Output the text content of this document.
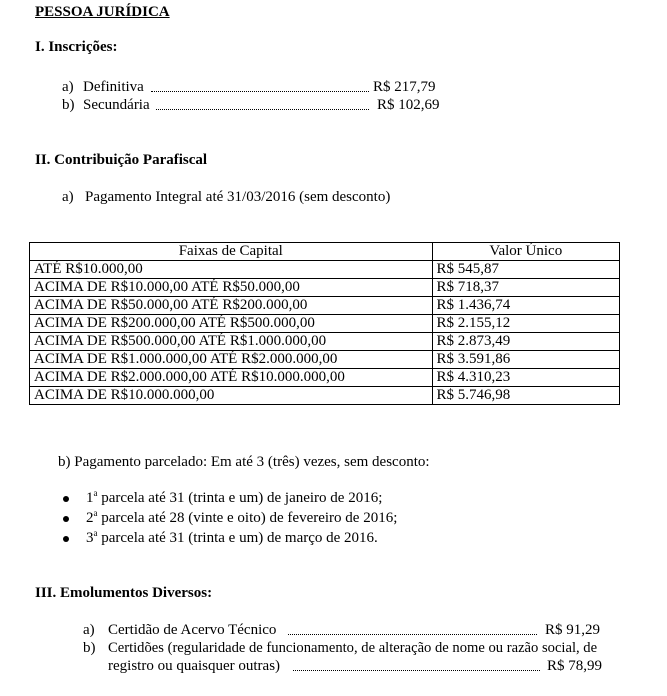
PESSOA JURÍDICA
I. Inscrições:
a) Definitiva	R$ 217,79
b) Secundária	R$ 102,69
II. Contribuição Parafiscal
a) Pagamento Integral até 31/03/2016 (sem desconto)
Faixas de Capital	Valor Único
ATÉ R$10.000,00	R$ 545,87
ACIMA DE R$10.000,00 ATÉ R$50.000,00	R$ 718,37
ACIMA DE R$50.000,00 ATÉ R$200.000,00	R$ 1.436,74
ACIMA DE R$200.000,00 ATÉ R$500.000,00	R$ 2.155,12
ACIMA DE R$500.000,00 ATÉ R$1.000.000,00	R$ 2.873,49
ACIMA DE R$1.000.000,00 ATÉ R$2.000.000,00	R$ 3.591,86
ACIMA DE R$2.000.000,00 ATÉ R$10.000.000,00	R$ 4.310,23
ACIMA DE R$10.000.000,00	R$ 5.746,98
b) Pagamento parcelado: Em até 3 (três) vezes, sem desconto:
1$^a$ parcela até 31 (trinta e um) de janeiro de 2016;
2$^a$ parcela até 28 (vinte e oito) de fevereiro de 2016;
3$^a$ parcela até 31 (trinta e um) de março de 2016.
III. Emolumentos Diversos:
a) Certidão de Acervo Técnico	R$ 91,29
b) Certidões (regularidade de funcionamento, de alteração de nome ou razão social, de
registro ou quaisquer outras)	R$ 78,99
